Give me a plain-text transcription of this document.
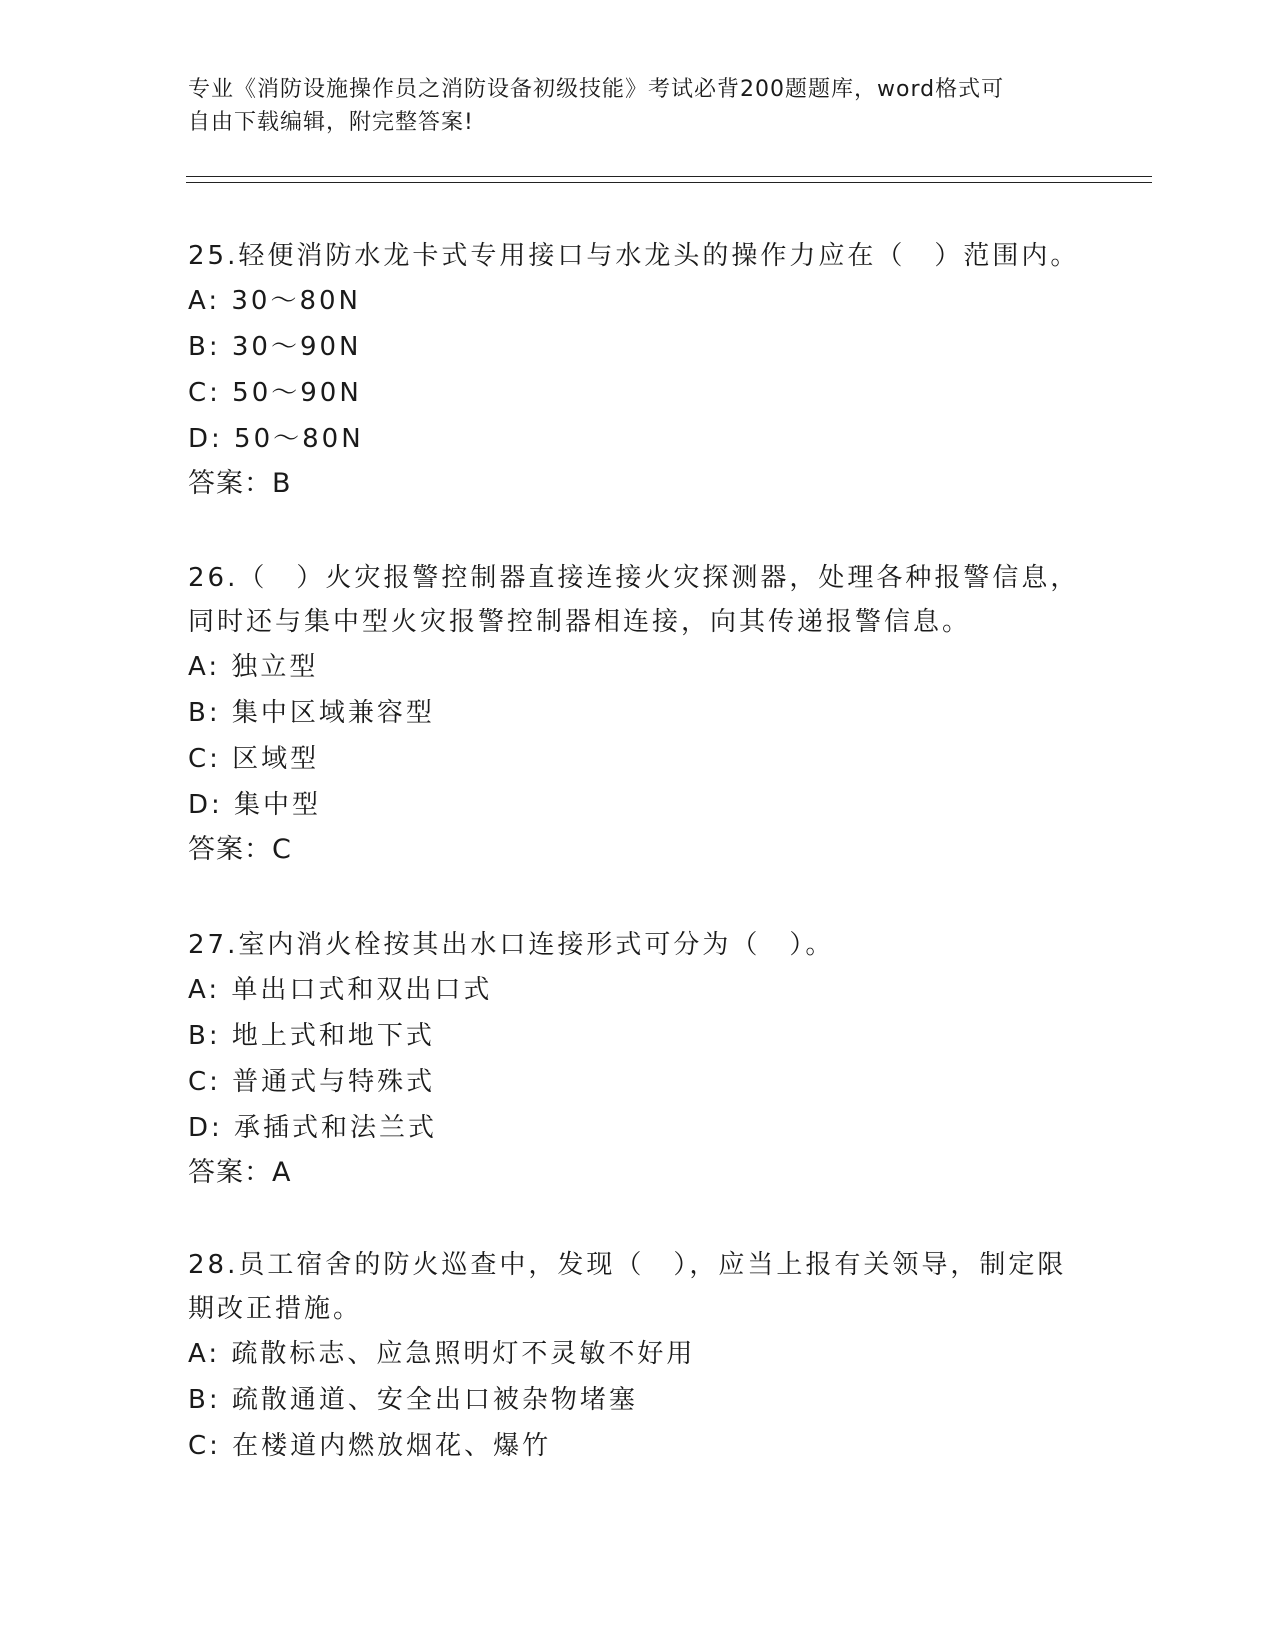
专业《消防设施操作员之消防设备初级技能》考试必背200题题库，word格式可
自由下载编辑，附完整答案!

25.轻便消防水龙卡式专用接口与水龙头的操作力应在（　）范围内。

A: 30～80N

B: 30～90N

C: 50～90N

D: 50～80N

答案：B

26.（　）火灾报警控制器直接连接火灾探测器，处理各种报警信息，

同时还与集中型火灾报警控制器相连接，向其传递报警信息。

A: 独立型

B: 集中区域兼容型

C: 区域型

D: 集中型

答案：C

27.室内消火栓按其出水口连接形式可分为（　）。

A: 单出口式和双出口式

B: 地上式和地下式

C: 普通式与特殊式

D: 承插式和法兰式

答案：A

28.员工宿舍的防火巡查中，发现（　），应当上报有关领导，制定限

期改正措施。

A: 疏散标志、应急照明灯不灵敏不好用

B: 疏散通道、安全出口被杂物堵塞

C: 在楼道内燃放烟花、爆竹
